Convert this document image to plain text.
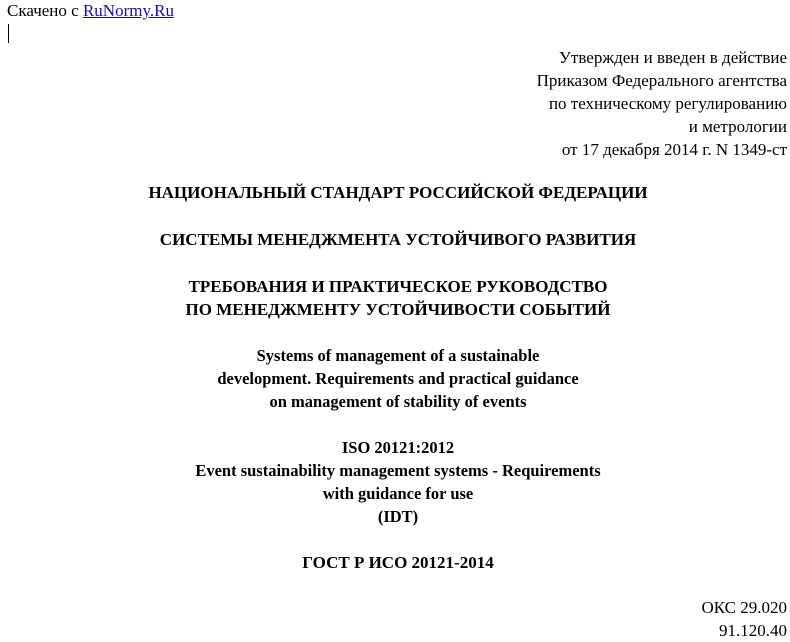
Скачено с RuNormy.Ru
Утвержден и введен в действие
Приказом Федерального агентства
по техническому регулированию
и метрологии
от 17 декабря 2014 г. N 1349-ст
НАЦИОНАЛЬНЫЙ СТАНДАРТ РОССИЙСКОЙ ФЕДЕРАЦИИ
СИСТЕМЫ МЕНЕДЖМЕНТА УСТОЙЧИВОГО РАЗВИТИЯ
ТРЕБОВАНИЯ И ПРАКТИЧЕСКОЕ РУКОВОДСТВО
ПО МЕНЕДЖМЕНТУ УСТОЙЧИВОСТИ СОБЫТИЙ
Systems of management of a sustainable
development. Requirements and practical guidance
on management of stability of events
ISO 20121:2012
Event sustainability management systems - Requirements
with guidance for use
(IDT)
ГОСТ Р ИСО 20121-2014
ОКС 29.020
91.120.40
